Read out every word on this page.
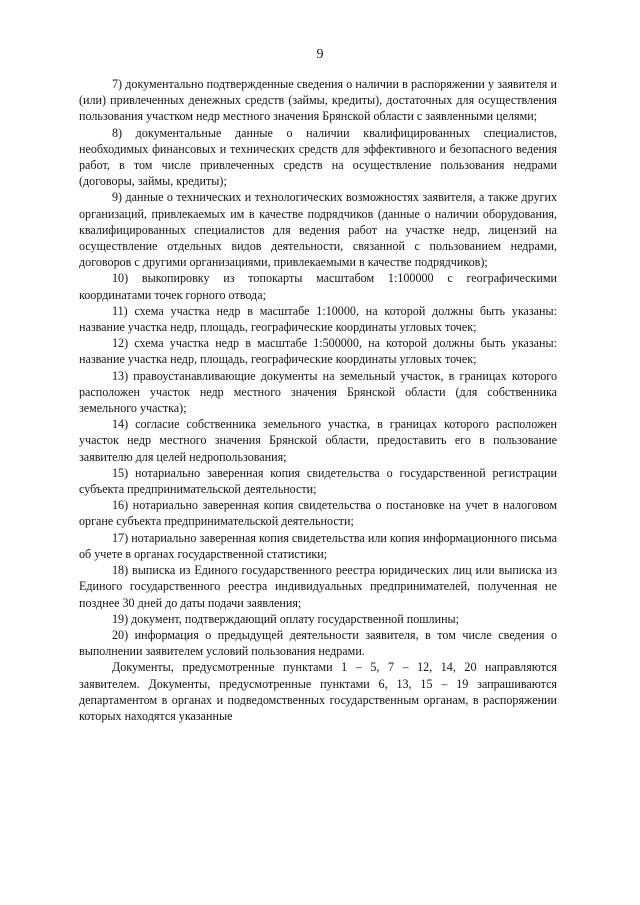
9

7) документально подтвержденные сведения о наличии в распоряжении у заявителя и (или) привлеченных денежных средств (займы, кредиты), достаточных для осуществления пользования участком недр местного значения Брянской области с заявленными целями;

8) документальные данные о наличии квалифицированных специалистов, необходимых финансовых и технических средств для эффективного и безопасного ведения работ, в том числе привлеченных средств на осуществление пользования недрами (договоры, займы, кредиты);

9) данные о технических и технологических возможностях заявителя, а также других организаций, привлекаемых им в качестве подрядчиков (данные о наличии оборудования, квалифицированных специалистов для ведения работ на участке недр, лицензий на осуществление отдельных видов деятельности, связанной с пользованием недрами, договоров с другими организациями, привлекаемыми в качестве подрядчиков);

10) выкопировку из топокарты масштабом 1:100000 с географическими координатами точек горного отвода;

11) схема участка недр в масштабе 1:10000, на которой должны быть указаны: название участка недр, площадь, географические координаты угловых точек;

12) схема участка недр в масштабе 1:500000, на которой должны быть указаны: название участка недр, площадь, географические координаты угловых точек;

13) правоустанавливающие документы на земельный участок, в границах которого расположен участок недр местного значения Брянской области (для собственника земельного участка);

14) согласие собственника земельного участка, в границах которого расположен участок недр местного значения Брянской области, предоставить его в пользование заявителю для целей недропользования;

15) нотариально заверенная копия свидетельства о государственной регистрации субъекта предпринимательской деятельности;

16) нотариально заверенная копия свидетельства о постановке на учет в налоговом органе субъекта предпринимательской деятельности;

17) нотариально заверенная копия свидетельства или копия информационного письма об учете в органах государственной статистики;

18) выписка из Единого государственного реестра юридических лиц или выписка из Единого государственного реестра индивидуальных предпринимателей, полученная не позднее 30 дней до даты подачи заявления;

19) документ, подтверждающий оплату государственной пошлины;

20) информация о предыдущей деятельности заявителя, в том числе сведения о выполнении заявителем условий пользования недрами.

Документы, предусмотренные пунктами 1 – 5, 7 – 12, 14, 20 направляются заявителем. Документы, предусмотренные пунктами 6, 13, 15 – 19 запрашиваются департаментом в органах и подведомственных государственным органам, в распоряжении которых находятся указанные
